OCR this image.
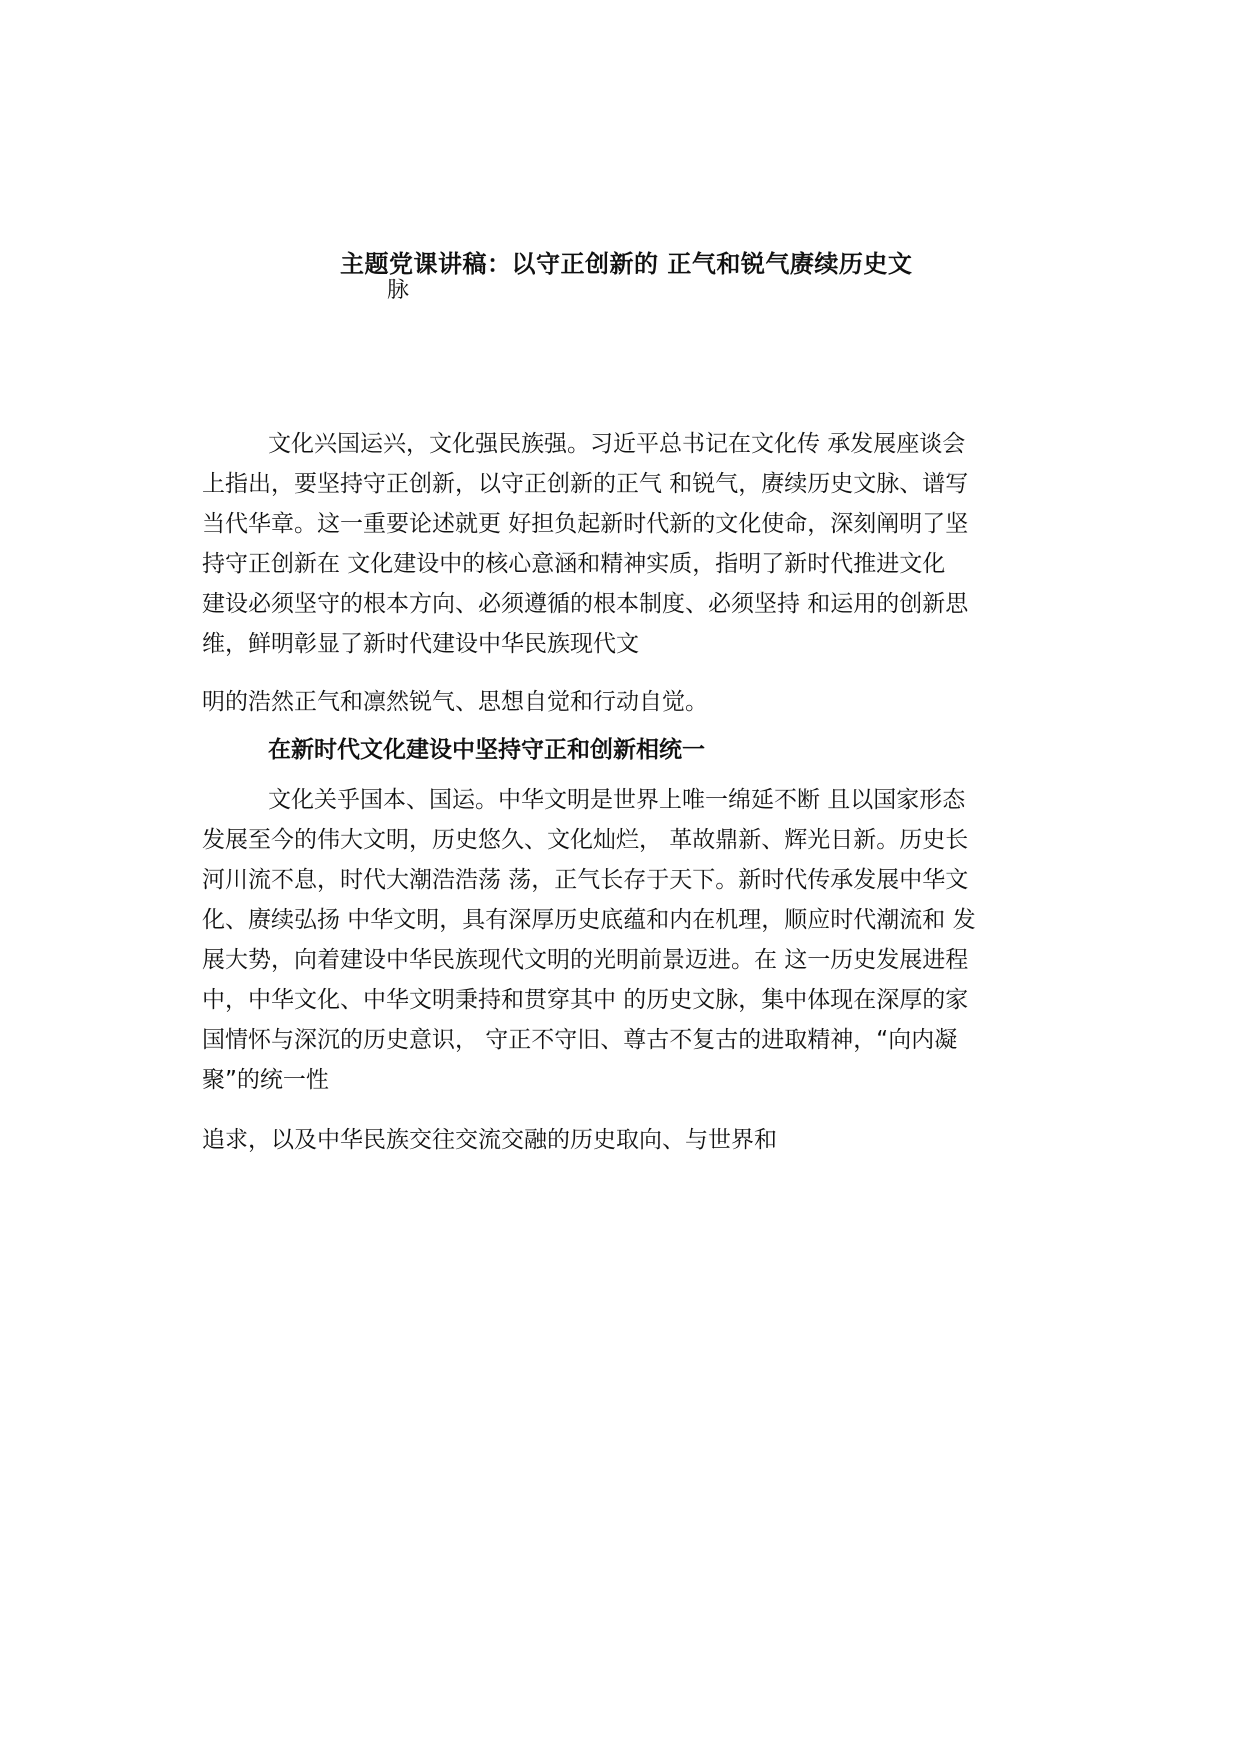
主题党课讲稿：以守正创新的 正气和锐气赓续历史文
脉
文化兴国运兴，文化强民族强。习近平总书记在文化传 承发展座谈会
上指出，要坚持守正创新，以守正创新的正气 和锐气，赓续历史文脉、谱写
当代华章。这一重要论述就更 好担负起新时代新的文化使命，深刻阐明了坚
持守正创新在 文化建设中的核心意涵和精神实质，指明了新时代推进文化
建设必须坚守的根本方向、必须遵循的根本制度、必须坚持 和运用的创新思
维，鲜明彰显了新时代建设中华民族现代文
明的浩然正气和凛然锐气、思想自觉和行动自觉。
在新时代文化建设中坚持守正和创新相统一
文化关乎国本、国运。中华文明是世界上唯一绵延不断 且以国家形态
发展至今的伟大文明，历史悠久、文化灿烂， 革故鼎新、辉光日新。历史长
河川流不息，时代大潮浩浩荡 荡，正气长存于天下。新时代传承发展中华文
化、赓续弘扬 中华文明，具有深厚历史底蕴和内在机理，顺应时代潮流和 发
展大势，向着建设中华民族现代文明的光明前景迈进。在 这一历史发展进程
中，中华文化、中华文明秉持和贯穿其中 的历史文脉，集中体现在深厚的家
国情怀与深沉的历史意识， 守正不守旧、尊古不复古的进取精神，“向内凝
聚”的统一性
追求，以及中华民族交往交流交融的历史取向、与世界和
